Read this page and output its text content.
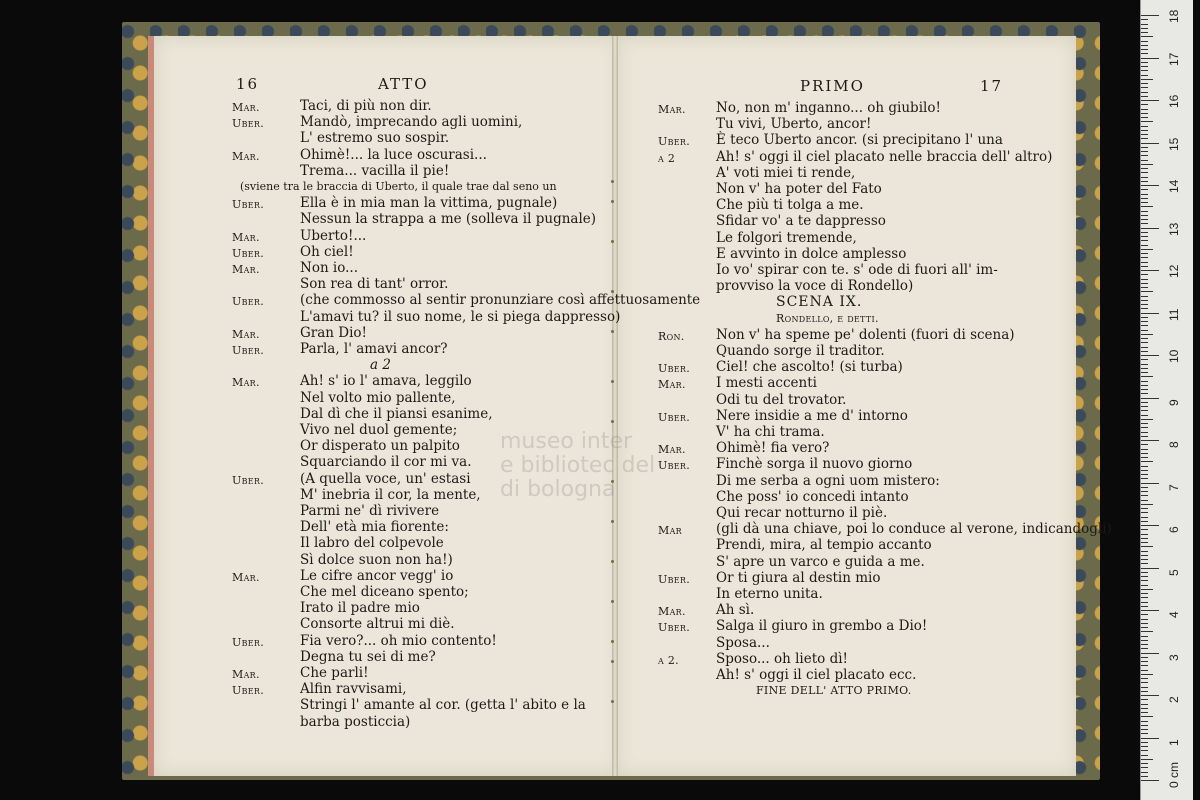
16	ATTO
Mar.	Taci, di più non dir.
Uber.	Mandò, imprecando agli uomini,
L' estremo suo sospir.
Mar.	Ohimè!... la luce oscurasi...
Trema... vacilla il pie!
(sviene tra le braccia di Uberto, il quale trae dal seno un
Uber.	Ella è in mia man la vittima, pugnale)
Nessun la strappa a me (solleva il pugnale)
Mar.	Uberto!...
Uber.	Oh ciel!
Mar.	Non io...
Son rea di tant' orror.
Uber.	(che commosso al sentir pronunziare così affettuosamente
L'amavi tu? il suo nome, le si piega dappresso)
Mar.	Gran Dio!
Uber.	Parla, l' amavi ancor?
a 2
Mar.	Ah! s' io l' amava, leggilo
Nel volto mio pallente,
Dal dì che il piansi esanime,
Vivo nel duol gemente;
Or disperato un palpito
Squarciando il cor mi va.
Uber.	(A quella voce, un' estasi
M' inebria il cor, la mente,
Parmi ne' dì rivivere
Dell' età mia fiorente:
Il labro del colpevole
Sì dolce suon non ha!)
Mar.	Le cifre ancor vegg' io
Che mel diceano spento;
Irato il padre mio
Consorte altrui mi diè.
Uber.	Fia vero?... oh mio contento!
Degna tu sei di me?
Mar.	Che parli!
Uber.	Alfin ravvisami,
Stringi l' amante al cor. (getta l' abito e la
barba posticcia)
PRIMO	17
Mar. No, non m' inganno... oh giubilo!
Tu vivi, Uberto, ancor!
Uber. È teco Uberto ancor. (si precipitano l' una
a 2	Ah! s' oggi il ciel placato nelle braccia dell' altro)
A' voti miei ti rende,
Non v' ha poter del Fato
Che più ti tolga a me.
Sfidar vo' a te dappresso
Le folgori tremende,
E avvinto in dolce amplesso
Io vo' spirar con te. s' ode di fuori all' im-
provviso la voce di Rondello)
SCENA IX.
Rondello, e detti.
Ron. Non v' ha speme pe' dolenti (fuori di scena)
Quando sorge il traditor.
Uber. Ciel! che ascolto! (si turba)
Mar. I mesti accenti
Odi tu del trovator.
Uber. Nere insidie a me d' intorno
V' ha chi trama.
Mar. Ohimè! fia vero?
Uber. Finchè sorga il nuovo giorno
Di me serba a ogni uom mistero:
Che poss' io concedi intanto
Qui recar notturno il piè.
Mar	(gli dà una chiave, poi lo conduce al verone, indicandogli)
Prendi, mira, al tempio accanto
S' apre un varco e guida a me.
Uber. Or ti giura al destin mio
In eterno unita.
Mar. Ah sì.
Uber. Salga il giuro in grembo a Dio!
Sposa...
a 2.	Sposo... oh lieto dì!
Ah! s' oggi il ciel placato ecc.
FINE DELL' ATTO PRIMO.
museo inter
e bibliotec del
di bologna
0 cm
1
2
3
4
5
6
7
8
9
10
11
12
13
14
15
16
17
18
